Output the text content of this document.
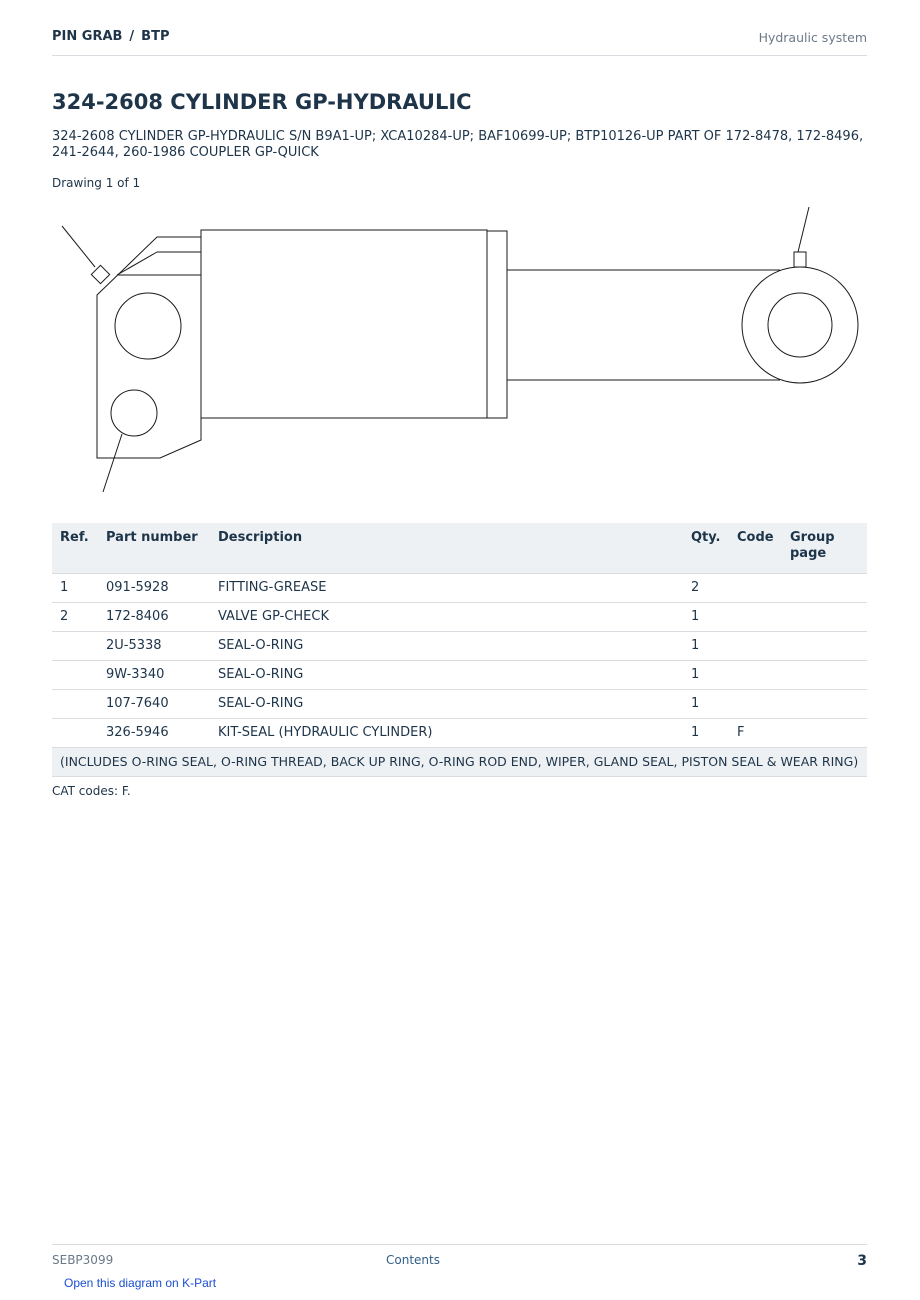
PIN GRAB / BTP	Hydraulic system
324-2608 CYLINDER GP-HYDRAULIC

324-2608 CYLINDER GP-HYDRAULIC S/N B9A1-UP; XCA10284-UP; BAF10699-UP; BTP10126-UP PART OF 172-8478, 172-8496, 241-2644, 260-1986 COUPLER GP-QUICK

Drawing 1 of 1
Ref.	Part number	Description	Qty.	Code	Group page
1	091-5928	FITTING-GREASE	2		
2	172-8406	VALVE GP-CHECK	1		
	2U-5338	SEAL-O-RING	1		
	9W-3340	SEAL-O-RING	1		
	107-7640	SEAL-O-RING	1		
	326-5946	KIT-SEAL (HYDRAULIC CYLINDER)	1	F	
(INCLUDES O-RING SEAL, O-RING THREAD, BACK UP RING, O-RING ROD END, WIPER, GLAND SEAL, PISTON SEAL & WEAR RING)					
CAT codes: F.
SEBP3099	Contents	3
Open this diagram on K-Part
